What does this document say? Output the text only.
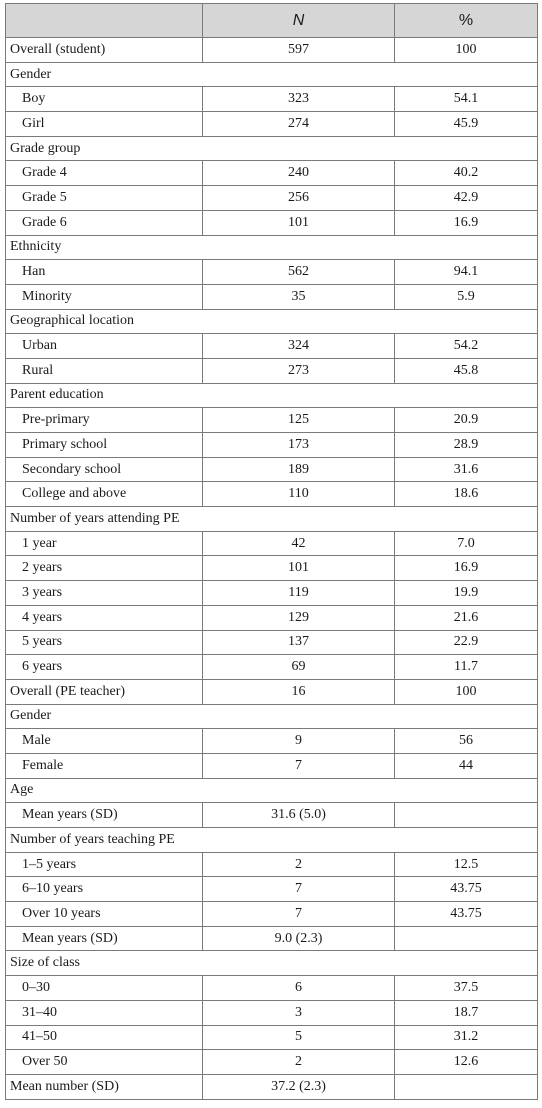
	N	%
Overall (student)	597	100
Gender		
Boy	323	54.1
Girl	274	45.9
Grade group		
Grade 4	240	40.2
Grade 5	256	42.9
Grade 6	101	16.9
Ethnicity		
Han	562	94.1
Minority	35	5.9
Geographical location		
Urban	324	54.2
Rural	273	45.8
Parent education		
Pre-primary	125	20.9
Primary school	173	28.9
Secondary school	189	31.6
College and above	110	18.6
Number of years attending PE		
1 year	42	7.0
2 years	101	16.9
3 years	119	19.9
4 years	129	21.6
5 years	137	22.9
6 years	69	11.7
Overall (PE teacher)	16	100
Gender		
Male	9	56
Female	7	44
Age		
Mean years (SD)	31.6 (5.0)	
Number of years teaching PE		
1–5 years	2	12.5
6–10 years	7	43.75
Over 10 years	7	43.75
Mean years (SD)	9.0 (2.3)	
Size of class		
0–30	6	37.5
31–40	3	18.7
41–50	5	31.2
Over 50	2	12.6
Mean number (SD)	37.2 (2.3)	
